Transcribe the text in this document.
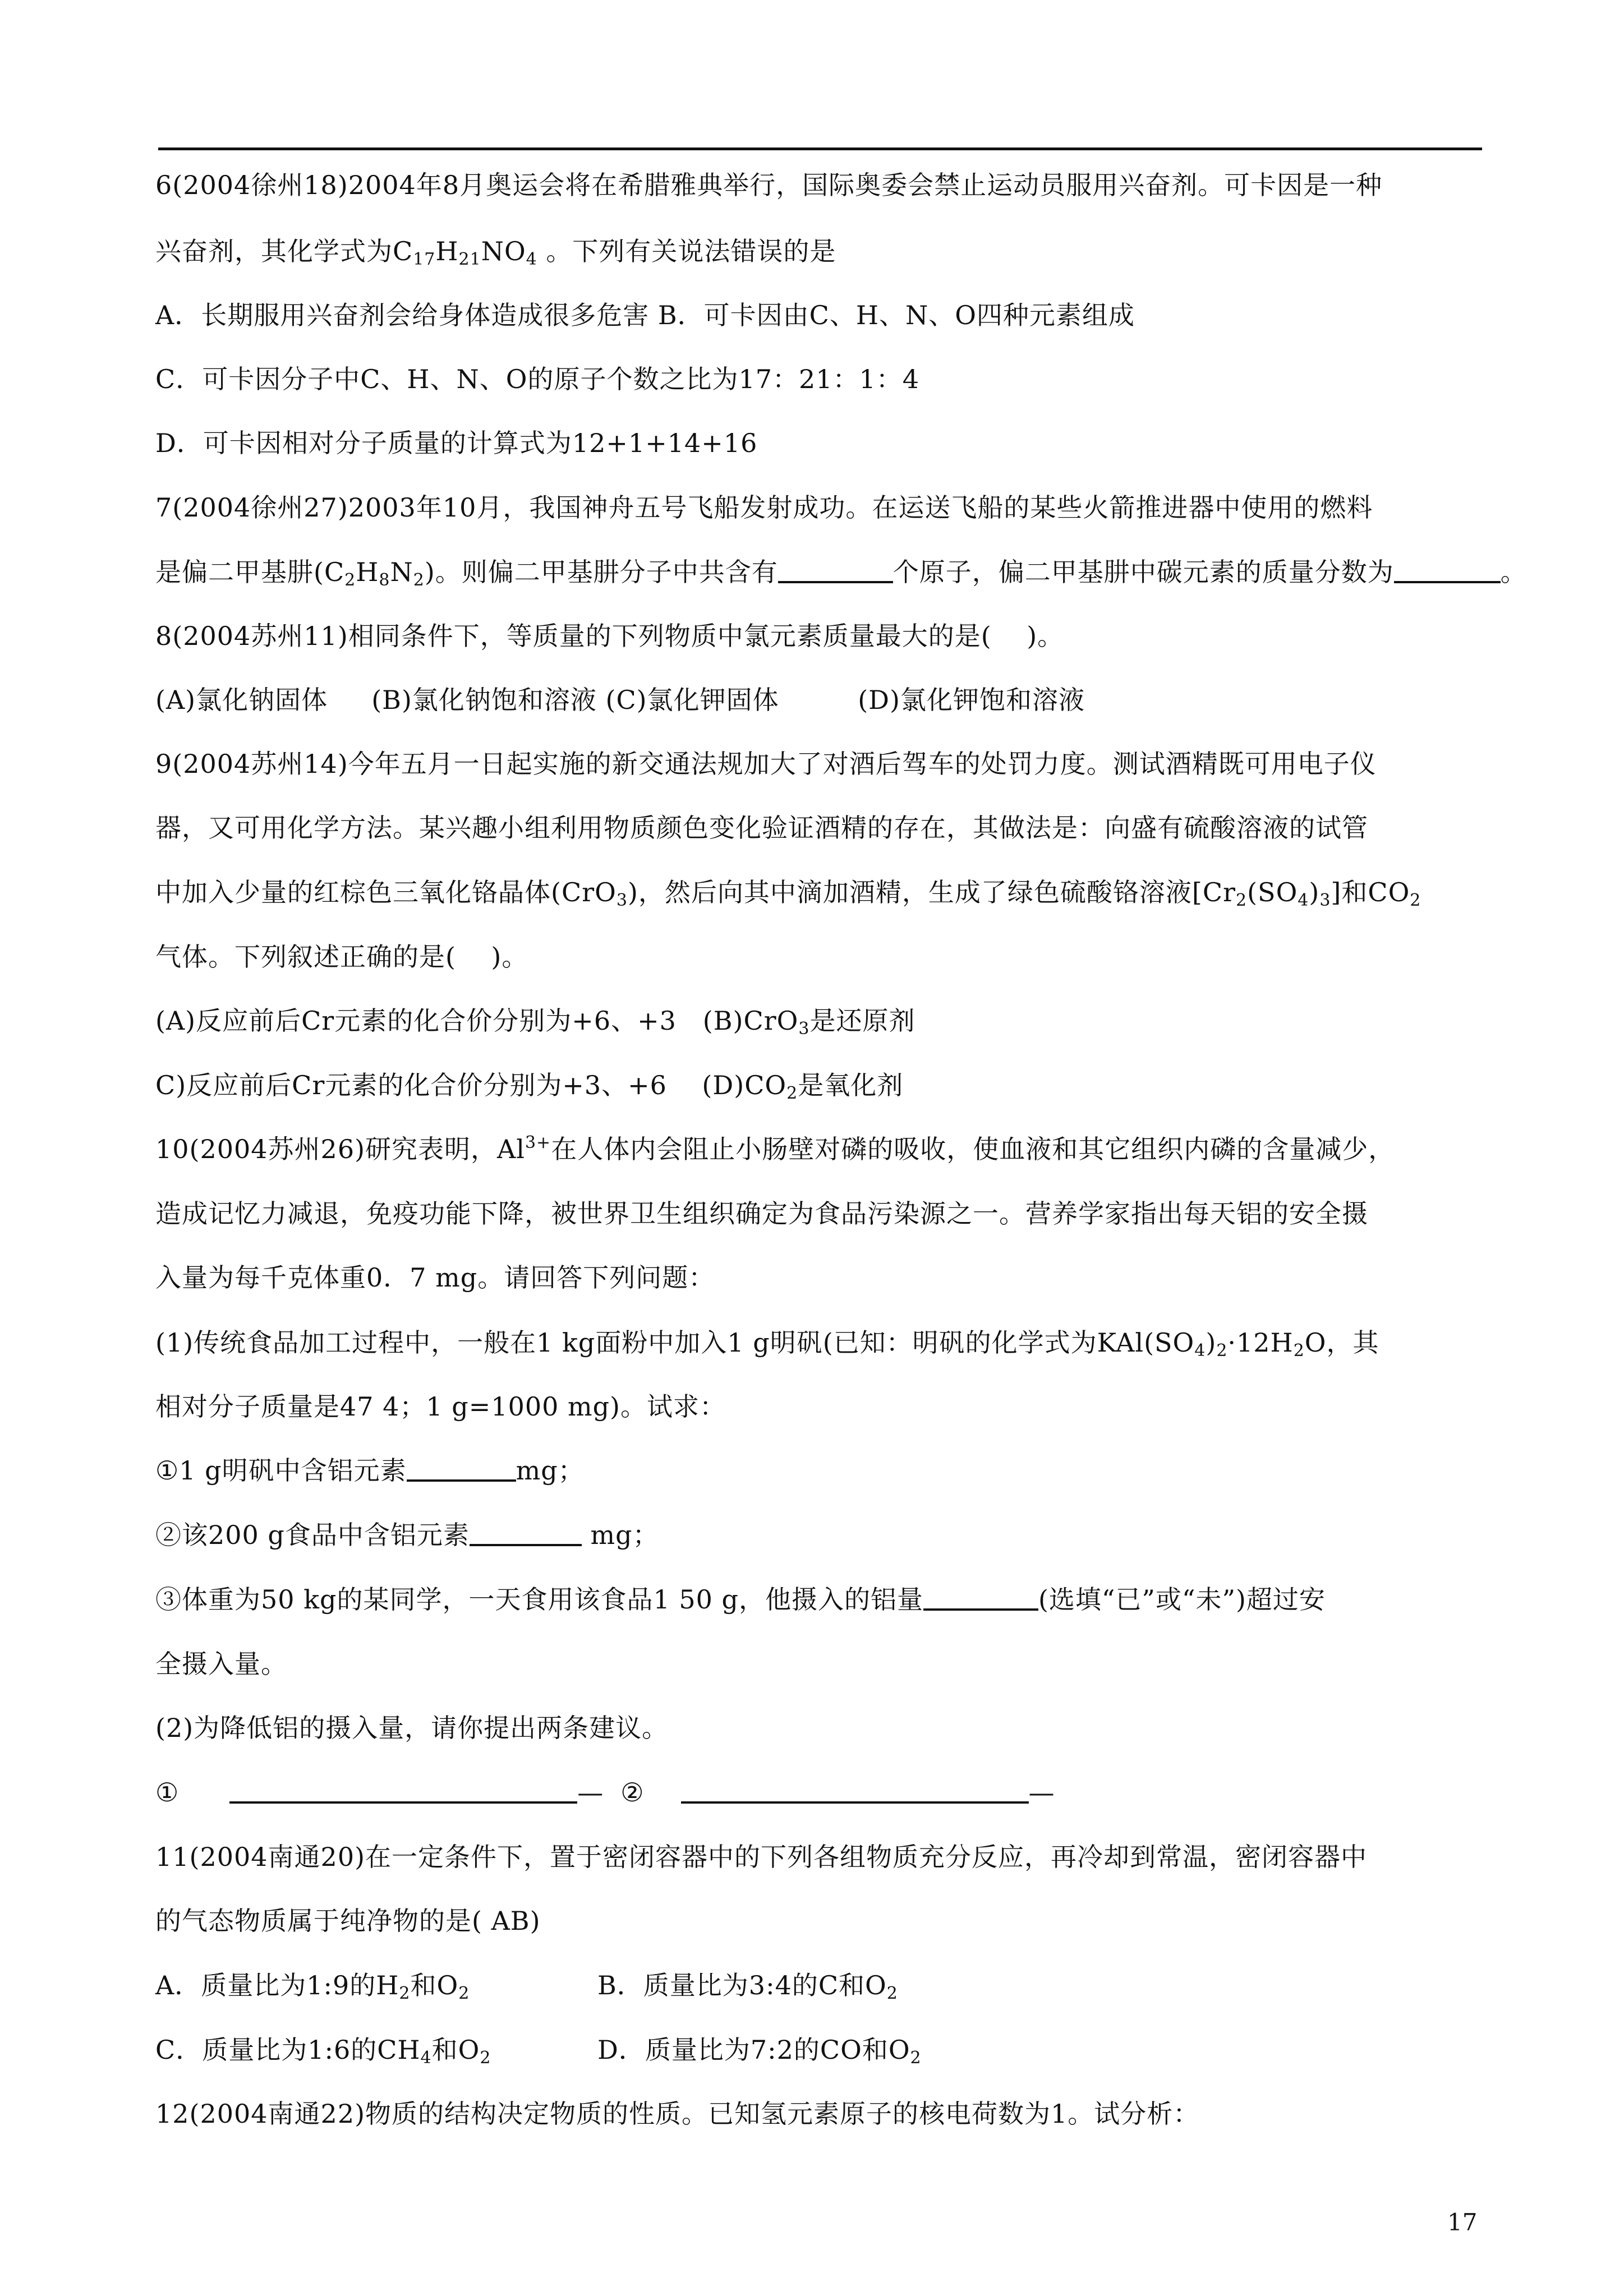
6(2004徐州18)2004年8月奥运会将在希腊雅典举行，国际奥委会禁止运动员服用兴奋剂。可卡因是一种
兴奋剂，其化学式为$C_{17}H_{21}NO_4$ 。下列有关说法错误的是
A．长期服用兴奋剂会给身体造成很多危害 B．可卡因由C、H、N、O四种元素组成
C．可卡因分子中C、H、N、O的原子个数之比为17：21：1：4
D．可卡因相对分子质量的计算式为12+1+14+16
7(2004徐州27)2003年10月，我国神舟五号飞船发射成功。在运送飞船的某些火箭推进器中使用的燃料
是偏二甲基肼$(C_2H_8N_2)$。则偏二甲基肼分子中共含有	个原子，偏二甲基肼中碳元素的质量分数为	。
8(2004苏州11)相同条件下，等质量的下列物质中氯元素质量最大的是(    )。
(A)氯化钠固体     (B)氯化钠饱和溶液 (C)氯化钾固体         (D)氯化钾饱和溶液
9(2004苏州14)今年五月一日起实施的新交通法规加大了对酒后驾车的处罚力度。测试酒精既可用电子仪
器，又可用化学方法。某兴趣小组利用物质颜色变化验证酒精的存在，其做法是：向盛有硫酸溶液的试管
中加入少量的红棕色三氧化铬晶体(CrO$_3$)，然后向其中滴加酒精，生成了绿色硫酸铬溶液$[Cr_2(SO_4)_3]$和$CO_2$
气体。下列叙述正确的是(    )。
(A)反应前后Cr元素的化合价分别为+6、+3   (B)CrO$_3$是还原剂
C)反应前后Cr元素的化合价分别为+3、+6    $(D)CO_2$是氧化剂
10(2004苏州26)研究表明，$Al^{3+}$在人体内会阻止小肠壁对磷的吸收，使血液和其它组织内磷的含量减少，
造成记忆力减退，免疫功能下降，被世界卫生组织确定为食品污染源之一。营养学家指出每天铝的安全摄
入量为每千克体重0．7 mg。请回答下列问题：
(1)传统食品加工过程中，一般在1 kg面粉中加入1 g明矾(已知：明矾的化学式为$KAl(SO_4)_2\cdot 12H_2O$，其
相对分子质量是47 4；1 g=1000 mg)。试求：
①1 g明矾中含铝元素	mg；
②该200 g食品中含铝元素	mg；
③体重为50 kg的某同学，一天食用该食品1 50 g，他摄入的铝量	(选填“已”或“未”)超过安
全摄入量。
(2)为降低铝的摄入量，请你提出两条建议。
①	— ②	—
11(2004南通20)在一定条件下，置于密闭容器中的下列各组物质充分反应，再冷却到常温，密闭容器中
的气态物质属于纯净物的是( AB)
A．质量比为1:9的$H_2$和$O_2$	B．质量比为3:4的C和$O_2$
C．质量比为1:6的$CH_4$和$O_2$	D．质量比为7:2的CO和$O_2$
12(2004南通22)物质的结构决定物质的性质。已知氢元素原子的核电荷数为1。试分析：
17
